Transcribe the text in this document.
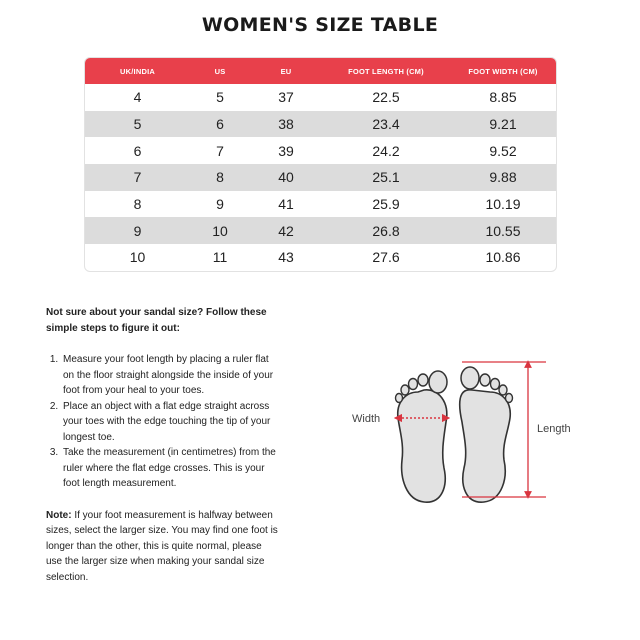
WOMEN'S SIZE TABLE
UK/INDIA	US	EU	FOOT LENGTH (CM)	FOOT WIDTH (CM)
4	5	37	22.5	8.85
5	6	38	23.4	9.21
6	7	39	24.2	9.52
7	8	40	25.1	9.88
8	9	41	25.9	10.19
9	10	42	26.8	10.55
10	11	43	27.6	10.86

Not sure about your sandal size? Follow these simple steps to figure it out:

1. Measure your foot length by placing a ruler flat on the floor straight alongside the inside of your foot from your heal to your toes.
2. Place an object with a flat edge straight across your toes with the edge touching the tip of your longest toe.
3. Take the measurement (in centimetres) from the ruler where the flat edge crosses. This is your foot length measurement.

Note: If your foot measurement is halfway between sizes, select the larger size. You may find one foot is longer than the other, this is quite normal, please use the larger size when making your sandal size selection.

Width
Length
